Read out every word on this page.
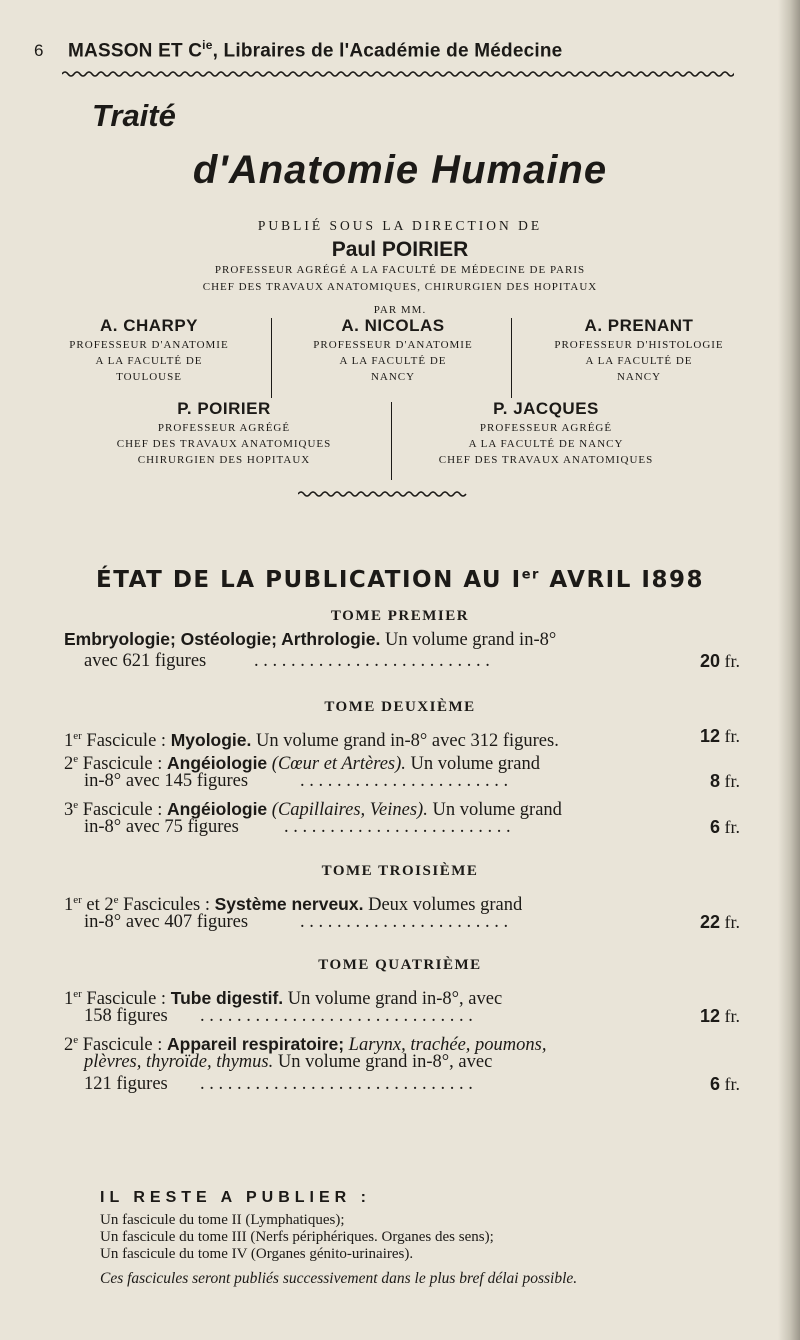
6 MASSON ET $C^{ie}$, Libraires de l'Académie de Médecine
Traité
d'Anatomie Humaine
PUBLIÉ SOUS LA DIRECTION DE
Paul POIRIER
PROFESSEUR AGRÉGÉ A LA FACULTÉ DE MÉDECINE DE PARIS
CHEF DES TRAVAUX ANATOMIQUES, CHIRURGIEN DES HOPITAUX
PAR MM.
A. CHARPY
PROFESSEUR D'ANATOMIE
A LA FACULTÉ DE
TOULOUSE
A. NICOLAS
PROFESSEUR D'ANATOMIE
A LA FACULTÉ DE
NANCY
A. PRENANT
PROFESSEUR D'HISTOLOGIE
A LA FACULTÉ DE
NANCY
P. POIRIER
PROFESSEUR AGRÉGÉ
CHEF DES TRAVAUX ANATOMIQUES
CHIRURGIEN DES HOPITAUX
P. JACQUES
PROFESSEUR AGRÉGÉ
A LA FACULTÉ DE NANCY
CHEF DES TRAVAUX ANATOMIQUES
ÉTAT DE LA PUBLICATION AU Ier AVRIL I898
TOME PREMIER
Embryologie; Ostéologie; Arthrologie. Un volume grand in-8°
avec 621 figures	. . . . . . . . . . . . . . . . . . . . . . . . . .	20 fr.
TOME DEUXIÈME
1er Fascicule : Myologie. Un volume grand in-8° avec 312 figures.	12 fr.
2e Fascicule : Angéiologie (Cœur et Artères). Un volume grand
in-8° avec 145 figures	. . . . . . . . . . . . . . . . . . . . . . .	8 fr.
3e Fascicule : Angéiologie (Capillaires, Veines). Un volume grand
in-8° avec 75 figures . . . . . . . . . . . . . . . . . . . . . . . . .	6 fr.
TOME TROISIÈME
1er et 2e Fascicules : Système nerveux. Deux volumes grand
in-8° avec 407 figures	. . . . . . . . . . . . . . . . . . . . . . .	22 fr.
TOME QUATRIÈME
1er Fascicule : Tube digestif. Un volume grand in-8°, avec
158 figures . . . . . . . . . . . . . . . . . . . . . . . . . . . . . .	12 fr.
2e Fascicule : Appareil respiratoire; Larynx, trachée, poumons,
plèvres, thyroïde, thymus. Un volume grand in-8°, avec
121 figures . . . . . . . . . . . . . . . . . . . . . . . . . . . . . .	6 fr.
IL RESTE A PUBLIER :
Un fascicule du tome II (Lymphatiques);
Un fascicule du tome III (Nerfs périphériques. Organes des sens);
Un fascicule du tome IV (Organes génito-urinaires).
Ces fascicules seront publiés successivement dans le plus bref délai possible.
